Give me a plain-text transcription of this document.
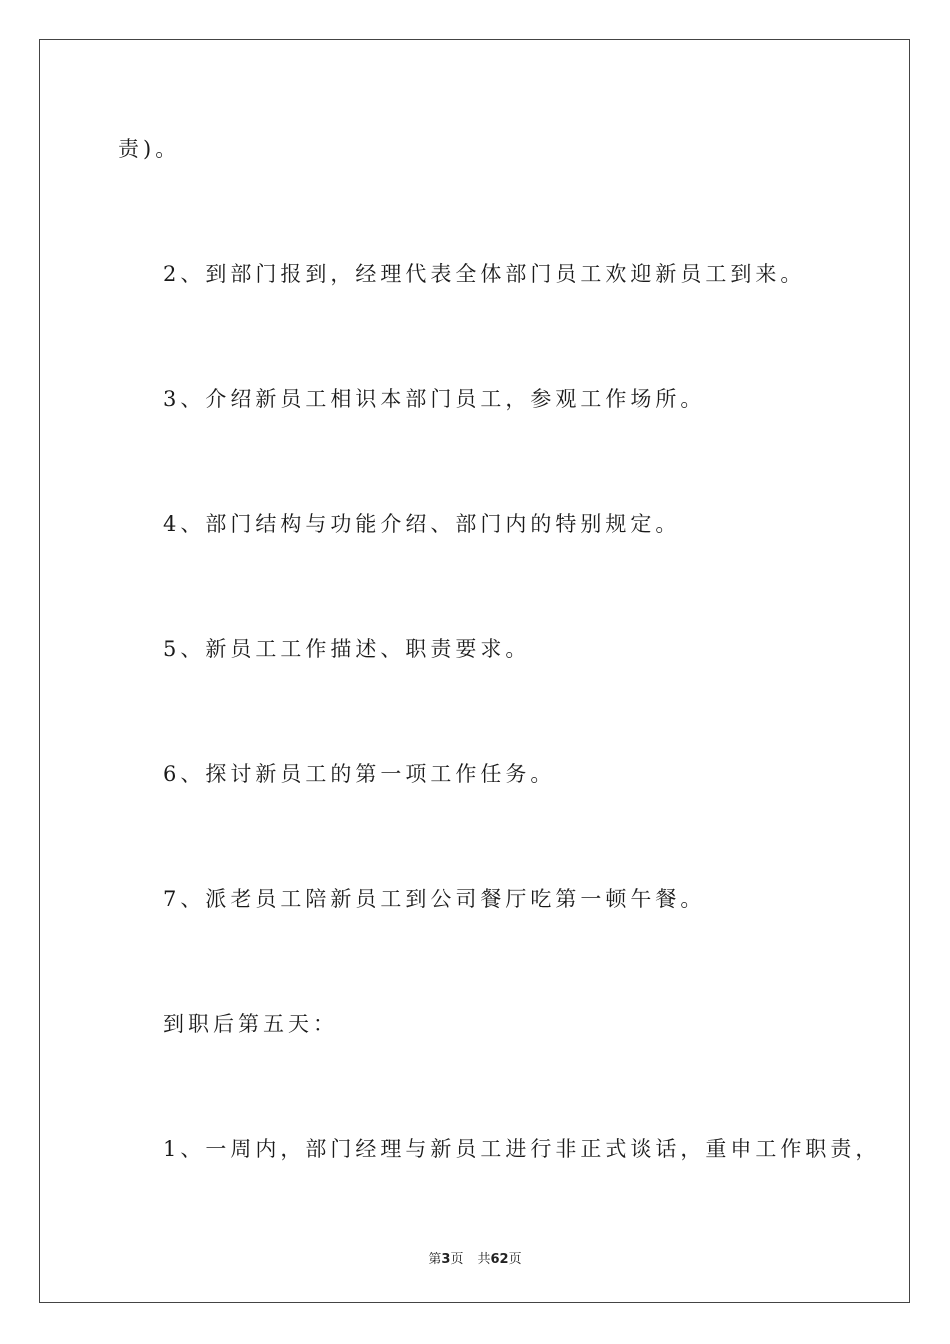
责)。
2、到部门报到，经理代表全体部门员工欢迎新员工到来。
3、介绍新员工相识本部门员工，参观工作场所。
4、部门结构与功能介绍、部门内的特别规定。
5、新员工工作描述、职责要求。
6、探讨新员工的第一项工作任务。
7、派老员工陪新员工到公司餐厅吃第一顿午餐。
到职后第五天：
1、一周内，部门经理与新员工进行非正式谈话，重申工作职责，
第3页 共62页
